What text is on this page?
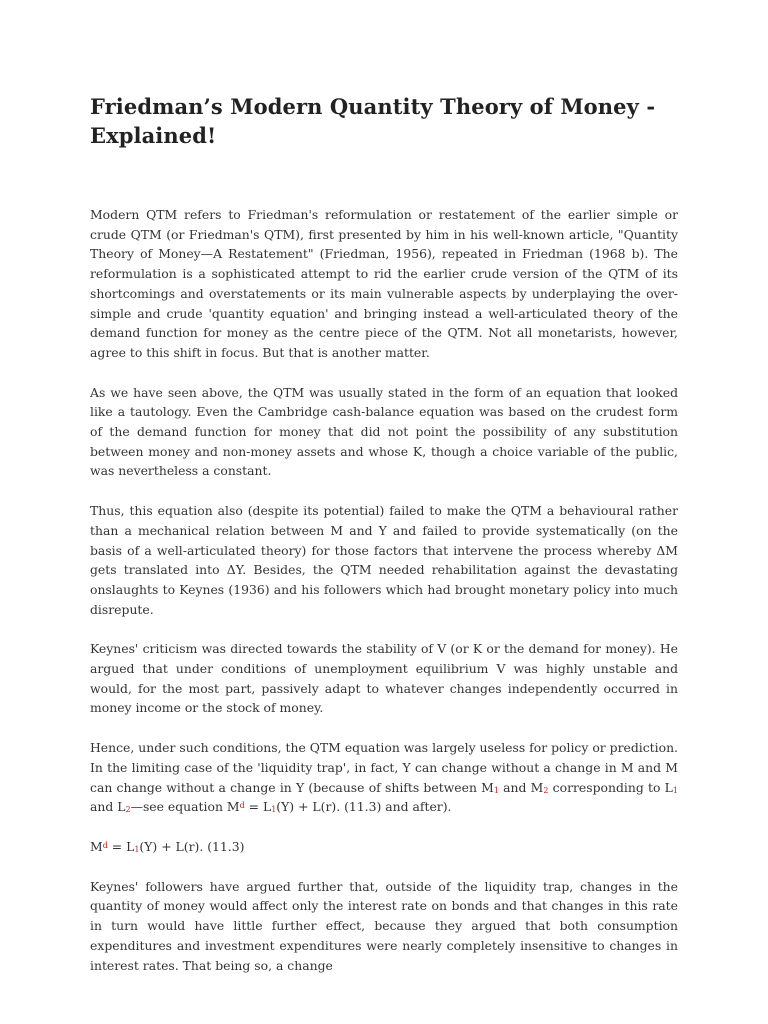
Friedman’s Modern Quantity Theory of Money - Explained!

Modern QTM refers to Friedman's reformulation or restatement of the earlier simple or crude QTM (or Friedman's QTM), first presented by him in his well-known article, "Quantity Theory of Money—A Restatement" (Friedman, 1956), repeated in Friedman (1968 b). The reformulation is a sophisticated attempt to rid the earlier crude version of the QTM of its shortcomings and overstatements or its main vulnerable aspects by underplaying the over-simple and crude 'quantity equation' and bringing instead a well-articulated theory of the demand function for money as the centre piece of the QTM. Not all monetarists, however, agree to this shift in focus. But that is another matter.

As we have seen above, the QTM was usually stated in the form of an equation that looked like a tautology. Even the Cambridge cash-balance equation was based on the crudest form of the demand function for money that did not point the possibility of any substitution between money and non-money assets and whose K, though a choice variable of the public, was nevertheless a constant.

Thus, this equation also (despite its potential) failed to make the QTM a behavioural rather than a mechanical relation between M and Y and failed to provide systematically (on the basis of a well-articulated theory) for those factors that intervene the process whereby ΔM gets translated into ΔY. Besides, the QTM needed rehabilitation against the devastating onslaughts to Keynes (1936) and his followers which had brought monetary policy into much disrepute.

Keynes' criticism was directed towards the stability of V (or K or the demand for money). He argued that under conditions of unemployment equilibrium V was highly unstable and would, for the most part, passively adapt to whatever changes independently occurred in money income or the stock of money.

Hence, under such conditions, the QTM equation was largely useless for policy or prediction. In the limiting case of the 'liquidity trap', in fact, Y can change without a change in M and M can change without a change in Y (because of shifts between M1 and M2 corresponding to L1 and L2—see equation $M^d = L1(Y) + L(r)$. (11.3) and after).

$M^d = L1(Y) + L(r)$. (11.3)

Keynes' followers have argued further that, outside of the liquidity trap, changes in the quantity of money would affect only the interest rate on bonds and that changes in this rate in turn would have little further effect, because they argued that both consumption expenditures and investment expenditures were nearly completely insensitive to changes in interest rates. That being so, a change
